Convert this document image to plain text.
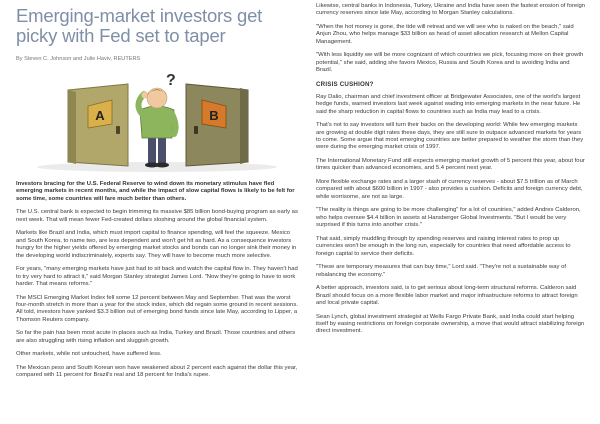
Emerging-market investors get picky with Fed set to taper
By Steven C. Johnson and Julie Haviv, REUTERS
A	B
?

Investors bracing for the U.S. Federal Reserve to wind down its monetary stimulus have fled emerging markets in recent months, and while the impact of slow capital flows is likely to be felt for some time, some countries will fare much better than others.

The U.S. central bank is expected to begin trimming its massive $85 billion bond-buying program as early as next week. That will mean fewer Fed-created dollars sloshing around the global financial system.

Markets like Brazil and India, which must import capital to finance spending, will feel the squeeze. Mexico and South Korea, to name two, are less dependent and won't get hit as hard. As a consequence investors hungry for the higher yields offered by emerging market stocks and bonds can no longer sink their money in the developing world indiscriminately, experts say. They will have to become much more selective.

For years, "many emerging markets have just had to sit back and watch the capital flow in. They haven't had to try very hard to attract it," said Morgan Stanley strategist James Lord. "Now they're going to have to work harder. That means reforms."

The MSCI Emerging Market Index fell some 12 percent between May and September. That was the worst four-month stretch in more than a year for the stock index, which did regain some ground in recent sessions. All told, investors have yanked $3.3 billion out of emerging bond funds since late May, according to Lipper, a Thomson Reuters company.

So far the pain has been most acute in places such as India, Turkey and Brazil. Those countries and others are also struggling with rising inflation and sluggish growth.

Other markets, while not untouched, have suffered less.

The Mexican peso and South Korean won have weakened about 2 percent each against the dollar this year, compared with 11 percent for Brazil's real and 18 percent for India's rupee.

Likewise, central banks in Indonesia, Turkey, Ukraine and India have seen the fastest erosion of foreign currency reserves since late May, according to Morgan Stanley calculations.

"When the hot money is gone, the tide will retreat and we will see who is naked on the beach," said Anjun Zhou, who helps manage $33 billion as head of asset allocation research at Mellon Capital Management.

"With less liquidity we will be more cognizant of which countries we pick, focusing more on their growth potential," she said, adding she favors Mexico, Russia and South Korea and is avoiding India and Brazil.

CRISIS CUSHION?

Ray Dalio, chairman and chief investment officer at Bridgewater Associates, one of the world's largest hedge funds, warned investors last week against wading into emerging markets in the near future. He said the sharp reduction in capital flows to countries such as India may lead to a crisis.

That's not to say investors will turn their backs on the developing world: While few emerging markets are growing at double digit rates these days, they are still sure to outpace advanced markets for years to come. Some argue that most emerging countries are better prepared to weather the storm than they were during the emerging market crisis of 1997.

The International Monetary Fund still expects emerging market growth of 5 percent this year, about four times quicker than advanced economies, and 5.4 percent next year.

More flexible exchange rates and a larger stash of currency reserves - about $7.5 trillion as of March compared with about $600 billion in 1997 - also provides a cushion. Deficits and foreign currency debt, while worrisome, are not as large.

"The reality is things are going to be more challenging" for a lot of countries," added Andres Calderon, who helps oversee $4.4 billion in assets at Hansberger Global Investments. "But I would be very surprised if this turns into another crisis."

That said, simply muddling through by spending reserves and raising interest rates to prop up currencies won't be enough in the long run, especially for countries that need affordable access to foreign capital to service their deficits.

"These are temporary measures that can buy time," Lord said. "They're not a sustainable way of rebalancing the economy."

A better approach, investors said, is to get serious about long-term structural reforms. Calderon said Brazil should focus on a more flexible labor market and major infrastructure reforms to attract foreign and local private capital.

Sean Lynch, global investment strategist at Wells Fargo Private Bank, said India could start helping itself by easing restrictions on foreign corporate ownership, a move that would attract stabilizing foreign direct investment.
